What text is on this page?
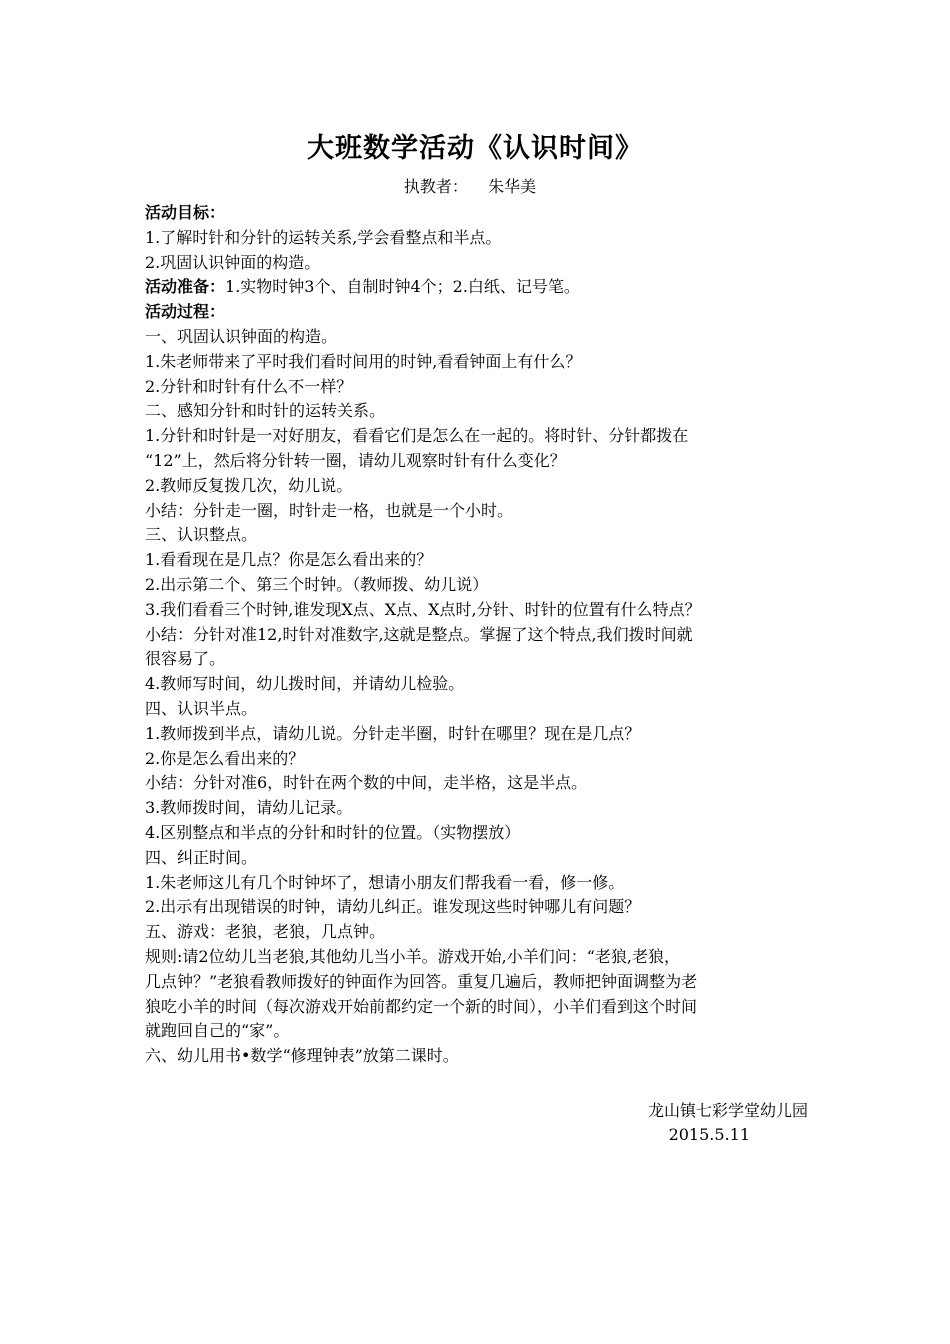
大班数学活动《认识时间》
执教者：    朱华美
活动目标：
1.了解时针和分针的运转关系,学会看整点和半点。
2.巩固认识钟面的构造。
活动准备：1.实物时钟3个、自制时钟4个；2.白纸、记号笔。
活动过程：
一、巩固认识钟面的构造。
1.朱老师带来了平时我们看时间用的时钟,看看钟面上有什么？
2.分针和时针有什么不一样？
二、感知分针和时针的运转关系。
1.分针和时针是一对好朋友，看看它们是怎么在一起的。将时针、分针都拨在
“12”上，然后将分针转一圈，请幼儿观察时针有什么变化？
2.教师反复拨几次，幼儿说。
小结：分针走一圈，时针走一格，也就是一个小时。
三、认识整点。
1.看看现在是几点？你是怎么看出来的？
2.出示第二个、第三个时钟。（教师拨、幼儿说）
3.我们看看三个时钟,谁发现X点、X点、X点时,分针、时针的位置有什么特点？
小结：分针对准12,时针对准数字,这就是整点。掌握了这个特点,我们拨时间就
很容易了。
4.教师写时间，幼儿拨时间，并请幼儿检验。
四、认识半点。
1.教师拨到半点，请幼儿说。分针走半圈，时针在哪里？现在是几点？
2.你是怎么看出来的？
小结：分针对准6，时针在两个数的中间，走半格，这是半点。
3.教师拨时间，请幼儿记录。
4.区别整点和半点的分针和时针的位置。（实物摆放）
四、纠正时间。
1.朱老师这儿有几个时钟坏了，想请小朋友们帮我看一看，修一修。
2.出示有出现错误的时钟，请幼儿纠正。谁发现这些时钟哪儿有问题？
五、游戏：老狼，老狼，几点钟。
规则:请2位幼儿当老狼,其他幼儿当小羊。游戏开始,小羊们问：“老狼,老狼，
几点钟？”老狼看教师拨好的钟面作为回答。重复几遍后，教师把钟面调整为老
狼吃小羊的时间（每次游戏开始前都约定一个新的时间），小羊们看到这个时间
就跑回自己的“家”。
六、幼儿用书•数学“修理钟表”放第二课时。
龙山镇七彩学堂幼儿园
2015.5.11
